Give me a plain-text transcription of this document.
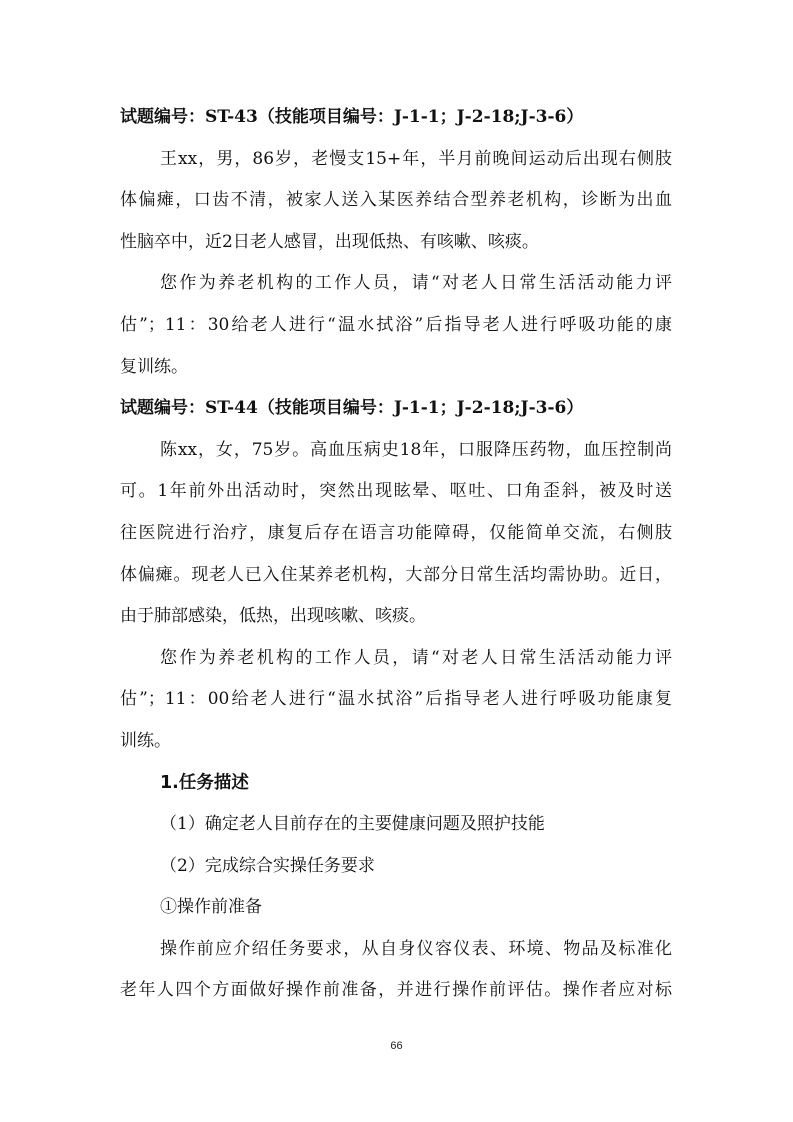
试题编号：ST-43（技能项目编号：J-1-1；J-2-18;J-3-6）
王xx，男，86岁，老慢支15+年，半月前晚间运动后出现右侧肢
体偏瘫，口齿不清，被家人送入某医养结合型养老机构，诊断为出血
性脑卒中，近2日老人感冒，出现低热、有咳嗽、咳痰。
您作为养老机构的工作人员，请“对老人日常生活活动能力评
估”；11：30给老人进行“温水拭浴”后指导老人进行呼吸功能的康
复训练。
试题编号：ST-44（技能项目编号：J-1-1；J-2-18;J-3-6）
陈xx，女，75岁。高血压病史18年，口服降压药物，血压控制尚
可。1年前外出活动时，突然出现眩晕、呕吐、口角歪斜，被及时送
往医院进行治疗，康复后存在语言功能障碍，仅能简单交流，右侧肢
体偏瘫。现老人已入住某养老机构，大部分日常生活均需协助。近日，
由于肺部感染，低热，出现咳嗽、咳痰。
您作为养老机构的工作人员，请“对老人日常生活活动能力评
估”；11：00给老人进行“温水拭浴”后指导老人进行呼吸功能康复
训练。
1.任务描述
（1）确定老人目前存在的主要健康问题及照护技能
（2）完成综合实操任务要求
①操作前准备
操作前应介绍任务要求，从自身仪容仪表、环境、物品及标准化
老年人四个方面做好操作前准备，并进行操作前评估。操作者应对标
66
